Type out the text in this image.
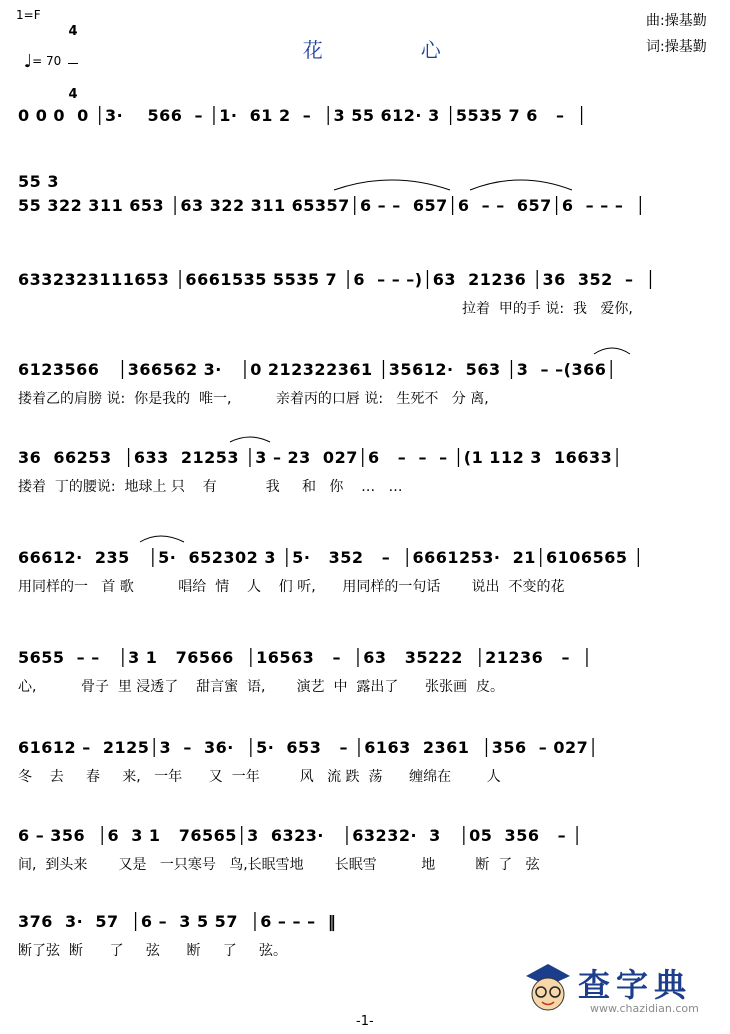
1=F

4

4

♩= 70	花	心

曲:操基勤
词:操基勤
0 0 0  0 │3·    566  – │1·  61 2  –  │3 55 612· 3 │5535 7 6   –  │
55 3
55 322 311 653 │63 322 311 65357│6 – –  657│6  – –  657│6  – – –  │
6332323111653 │6661535 5535 7 │6  – – –)│63  21236 │36  352  –  │
拉着  甲的手 说:  我   爱你,
6123566   │366562 3·   │0 212322361 │35612·  563 │3  – –(366│
搂着乙的肩膀 说:  你是我的  唯一,          亲着丙的口唇 说:   生死不   分 离,
36  66253  │633  21253 │3 – 23  027│6   –  –  – │(1 112 3  16633│
搂着  丁的腰说:  地球上 只    有           我     和   你    …   …
66612·  235   │5·  652302 3 │5·   352   –  │6661253·  21│6106565 │
用同样的一   首 歌          唱给  情    人    们 听,      用同样的一句话       说出  不变的花
5655  – –   │3 1   76566  │16563   –  │63   35222  │21236   –  │
心,          骨子  里 浸透了    甜言蜜  语,       演艺  中  露出了      张张画  皮。
61612 –  2125│3  –  36·  │5·  653   – │6163  2361  │356  – 027│
冬    去     春     来,   一年      又  一年         风   流 跌  荡      缠绵在        人
6 – 356  │6  3 1   76565│3  6323·   │63232·  3   │05  356   – │
间,  到头来       又是   一只寒号   鸟,长眠雪地       长眠雪          地         断  了   弦
376  3·  57  │6 –  3 5 57  │6 – – –  ‖
断了弦  断      了     弦      断     了     弦。
-1-

查字典

www.chazidian.com
